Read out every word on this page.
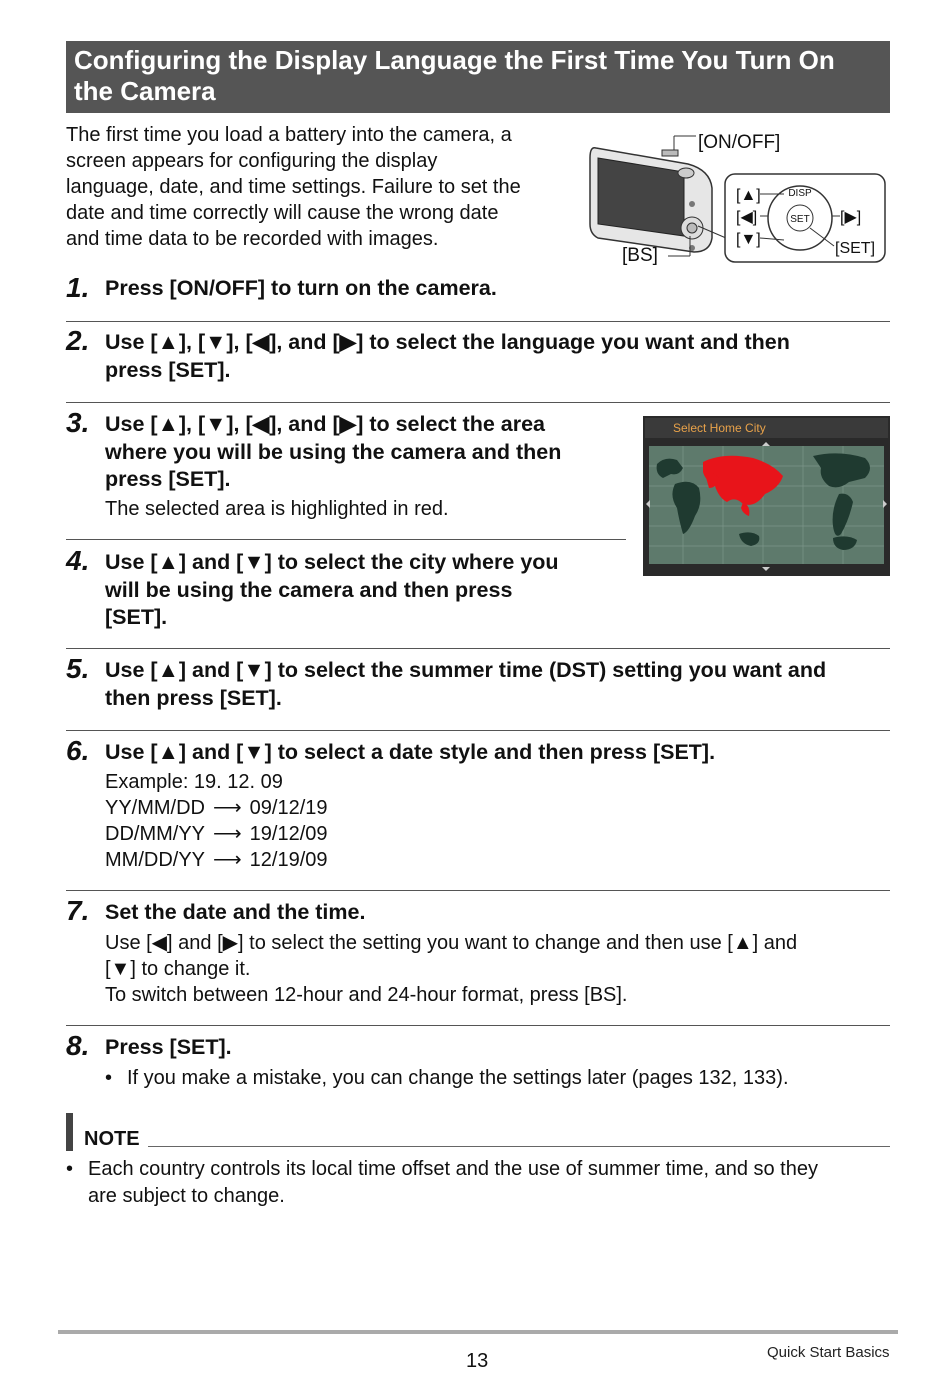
Configuring the Display Language the First Time You Turn On
the Camera
The first time you load a battery into the camera, a
screen appears for configuring the display
language, date, and time settings. Failure to set the
date and time correctly will cause the wrong date
and time data to be recorded with images.
[ON/OFF]
[BS]
SET
DISP
[▲]
[◀]
[▼]
[▶]
[SET]
1. Press [ON/OFF] to turn on the camera.
2. Use [▲], [▼], [◀], and [▶] to select the language you want and then
press [SET].
3. Use [▲], [▼], [◀], and [▶] to select the area
where you will be using the camera and then
press [SET].
The selected area is highlighted in red.
Select Home City
4. Use [▲] and [▼] to select the city where you
will be using the camera and then press
[SET].
5. Use [▲] and [▼] to select the summer time (DST) setting you want and
then press [SET].
6. Use [▲] and [▼] to select a date style and then press [SET].
Example: 19. 12. 09
YY/MM/DD ⟶ 09/12/19
DD/MM/YY ⟶ 19/12/09
MM/DD/YY ⟶ 12/19/09
7. Set the date and the time.
Use [◀] and [▶] to select the setting you want to change and then use [▲] and
[▼] to change it.
To switch between 12-hour and 24-hour format, press [BS].
8. Press [SET].
• If you make a mistake, you can change the settings later (pages 132, 133).
NOTE
• Each country controls its local time offset and the use of summer time, and so they
are subject to change.
13	Quick Start Basics
